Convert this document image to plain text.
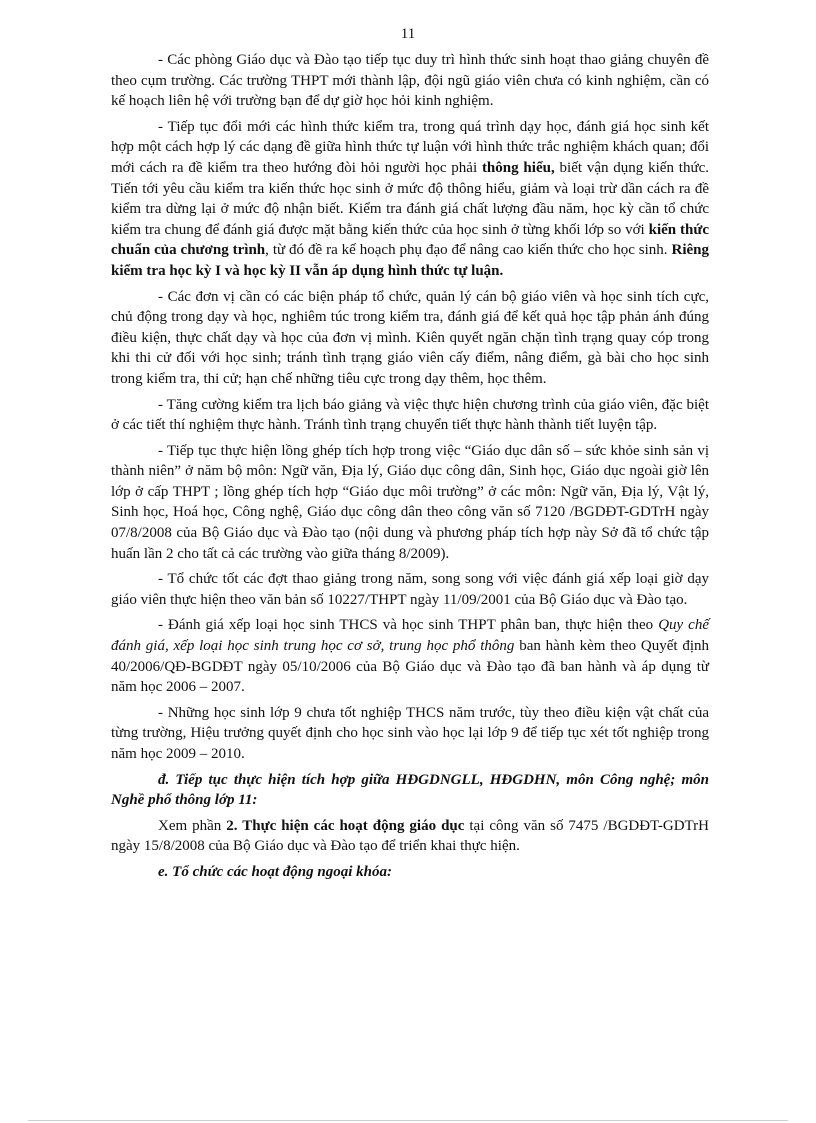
11

- Các phòng Giáo dục và Đào tạo tiếp tục duy trì hình thức sinh hoạt thao giảng chuyên đề theo cụm trường. Các trường THPT mới thành lập, đội ngũ giáo viên chưa có kinh nghiệm, cần có kế hoạch liên hệ với trường bạn để dự giờ học hỏi kinh nghiệm.

- Tiếp tục đổi mới các hình thức kiểm tra, trong quá trình dạy học, đánh giá học sinh kết hợp một cách hợp lý các dạng đề giữa hình thức tự luận với hình thức trắc nghiệm khách quan; đổi mới cách ra đề kiểm tra theo hướng đòi hỏi người học phải thông hiểu, biết vận dụng kiến thức. Tiến tới yêu cầu kiểm tra kiến thức học sinh ở mức độ thông hiểu, giảm và loại trừ dần cách ra đề kiểm tra dừng lại ở mức độ nhận biết. Kiểm tra đánh giá chất lượng đầu năm, học kỳ cần tổ chức kiểm tra chung để đánh giá được mặt bằng kiến thức của học sinh ở từng khối lớp so với kiến thức chuẩn của chương trình, từ đó đề ra kế hoạch phụ đạo để nâng cao kiến thức cho học sinh. Riêng kiểm tra học kỳ I và học kỳ II vẫn áp dụng hình thức tự luận.

- Các đơn vị cần có các biện pháp tổ chức, quản lý cán bộ giáo viên và học sinh tích cực, chủ động trong dạy và học, nghiêm túc trong kiểm tra, đánh giá để kết quả học tập phản ánh đúng điều kiện, thực chất dạy và học của đơn vị mình. Kiên quyết ngăn chặn tình trạng quay cóp trong khi thi cử đối với học sinh; tránh tình trạng giáo viên cấy điểm, nâng điểm, gà bài cho học sinh trong kiểm tra, thi cử; hạn chế những tiêu cực trong dạy thêm, học thêm.

- Tăng cường kiểm tra lịch báo giảng và việc thực hiện chương trình của giáo viên, đặc biệt ở các tiết thí nghiệm thực hành. Tránh tình trạng chuyển tiết thực hành thành tiết luyện tập.

- Tiếp tục thực hiện lồng ghép tích hợp trong việc “Giáo dục dân số – sức khỏe sinh sản vị thành niên” ở năm bộ môn: Ngữ văn, Địa lý, Giáo dục công dân, Sinh học, Giáo dục ngoài giờ lên lớp ở cấp THPT ; lồng ghép tích hợp “Giáo dục môi trường” ở các môn: Ngữ văn, Địa lý, Vật lý, Sinh học, Hoá học, Công nghệ, Giáo dục công dân theo công văn số 7120 /BGDĐT-GDTrH ngày 07/8/2008 của Bộ Giáo dục và Đào tạo (nội dung và phương pháp tích hợp này Sở đã tổ chức tập huấn lần 2 cho tất cả các trường vào giữa tháng 8/2009).

- Tổ chức tốt các đợt thao giảng trong năm, song song với việc đánh giá xếp loại giờ dạy giáo viên thực hiện theo văn bản số 10227/THPT ngày 11/09/2001 của Bộ Giáo dục và Đào tạo.

- Đánh giá xếp loại học sinh THCS và học sinh THPT phân ban, thực hiện theo Quy chế đánh giá, xếp loại học sinh trung học cơ sở, trung học phổ thông ban hành kèm theo Quyết định 40/2006/QĐ-BGDĐT ngày 05/10/2006 của Bộ Giáo dục và Đào tạo đã ban hành và áp dụng từ năm học 2006 – 2007.

- Những học sinh lớp 9 chưa tốt nghiệp THCS năm trước, tùy theo điều kiện vật chất của từng trường, Hiệu trưởng quyết định cho học sinh vào học lại lớp 9 để tiếp tục xét tốt nghiệp trong năm học 2009 – 2010.

đ. Tiếp tục thực hiện tích hợp giữa HĐGDNGLL, HĐGDHN, môn Công nghệ; môn Nghề phổ thông lớp 11:

Xem phần 2. Thực hiện các hoạt động giáo dục tại công văn số 7475 /BGDĐT-GDTrH ngày 15/8/2008 của Bộ Giáo dục và Đào tạo để triển khai thực hiện.

e. Tổ chức các hoạt động ngoại khóa:
